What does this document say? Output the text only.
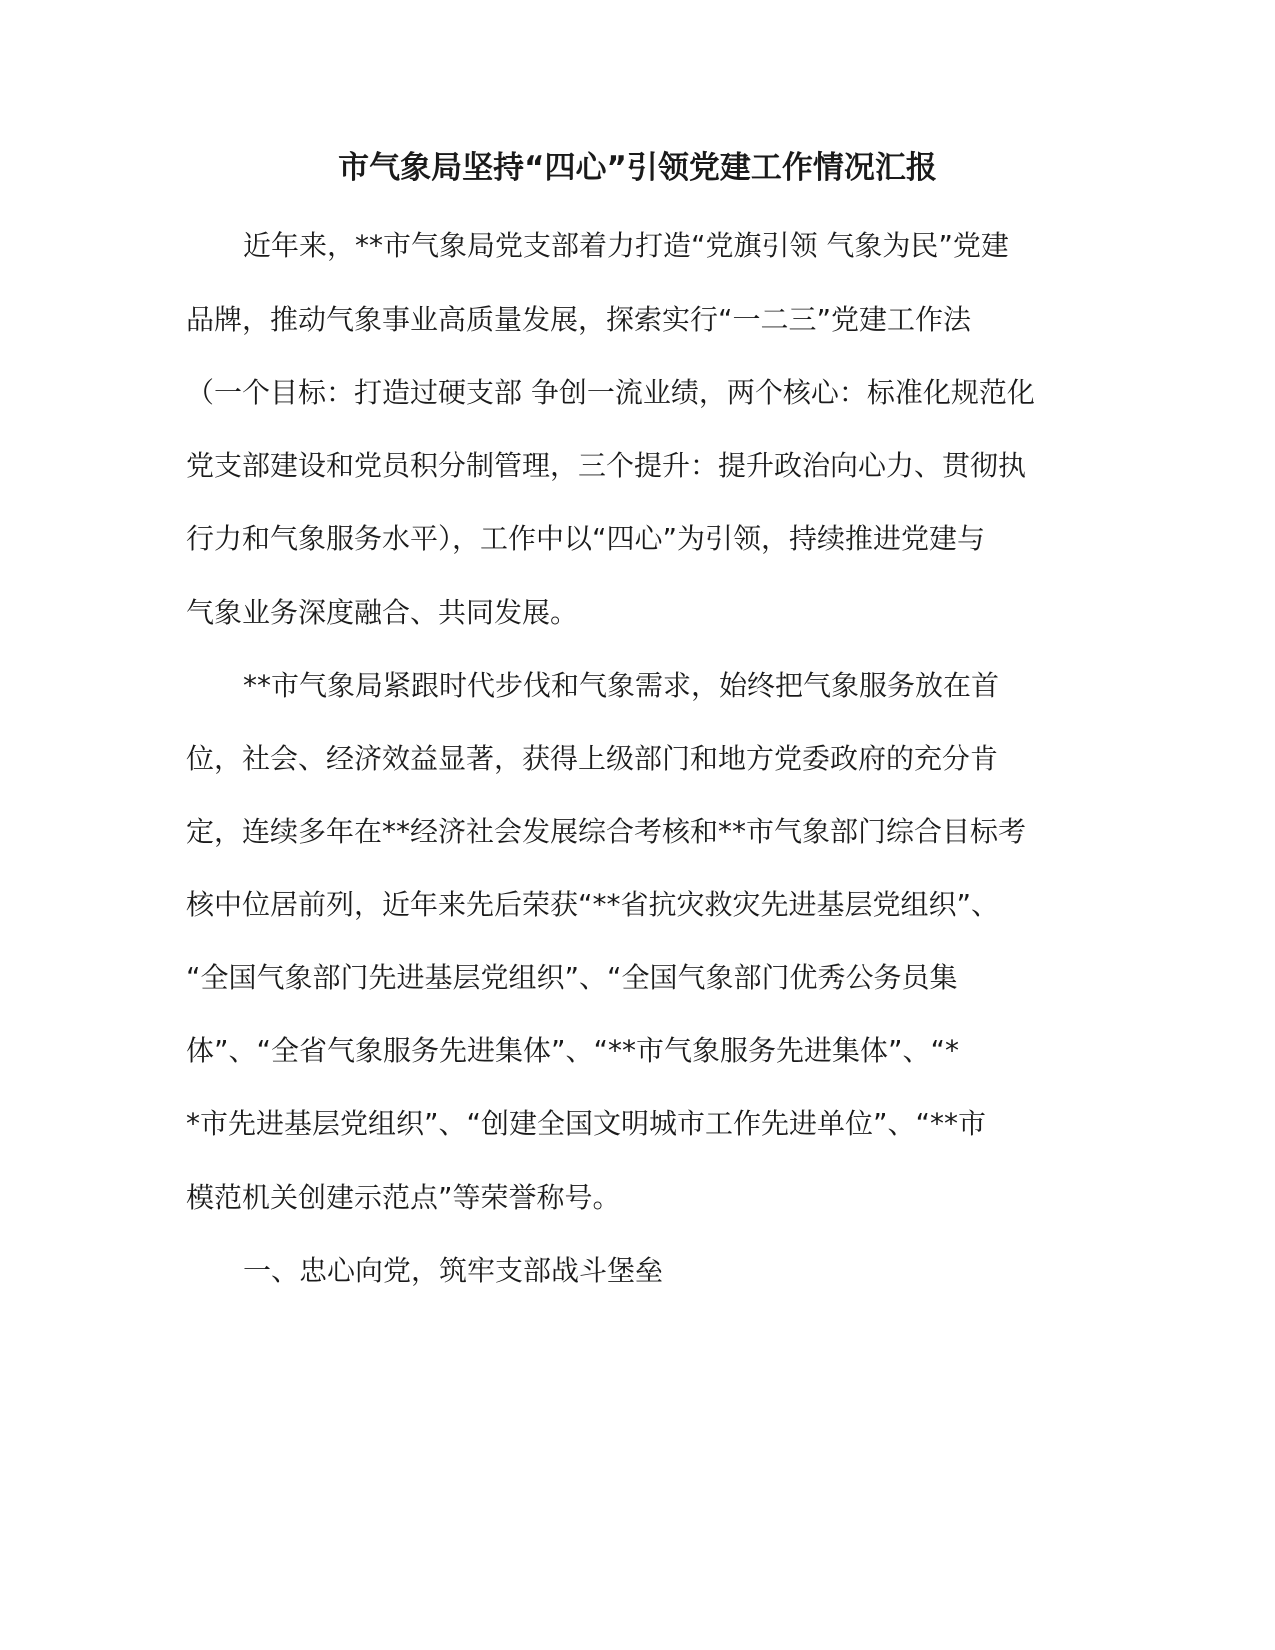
市气象局坚持“四心”引领党建工作情况汇报

近年来，**市气象局党支部着力打造“党旗引领 气象为民”党建

品牌，推动气象事业高质量发展，探索实行“一二三”党建工作法

（一个目标：打造过硬支部 争创一流业绩，两个核心：标准化规范化

党支部建设和党员积分制管理，三个提升：提升政治向心力、贯彻执

行力和气象服务水平），工作中以“四心”为引领，持续推进党建与

气象业务深度融合、共同发展。

**市气象局紧跟时代步伐和气象需求，始终把气象服务放在首

位，社会、经济效益显著，获得上级部门和地方党委政府的充分肯

定，连续多年在**经济社会发展综合考核和**市气象部门综合目标考

核中位居前列，近年来先后荣获“**省抗灾救灾先进基层党组织”、

“全国气象部门先进基层党组织”、“全国气象部门优秀公务员集

体”、“全省气象服务先进集体”、“**市气象服务先进集体”、“*

*市先进基层党组织”、“创建全国文明城市工作先进单位”、“**市

模范机关创建示范点”等荣誉称号。

一、忠心向党，筑牢支部战斗堡垒
